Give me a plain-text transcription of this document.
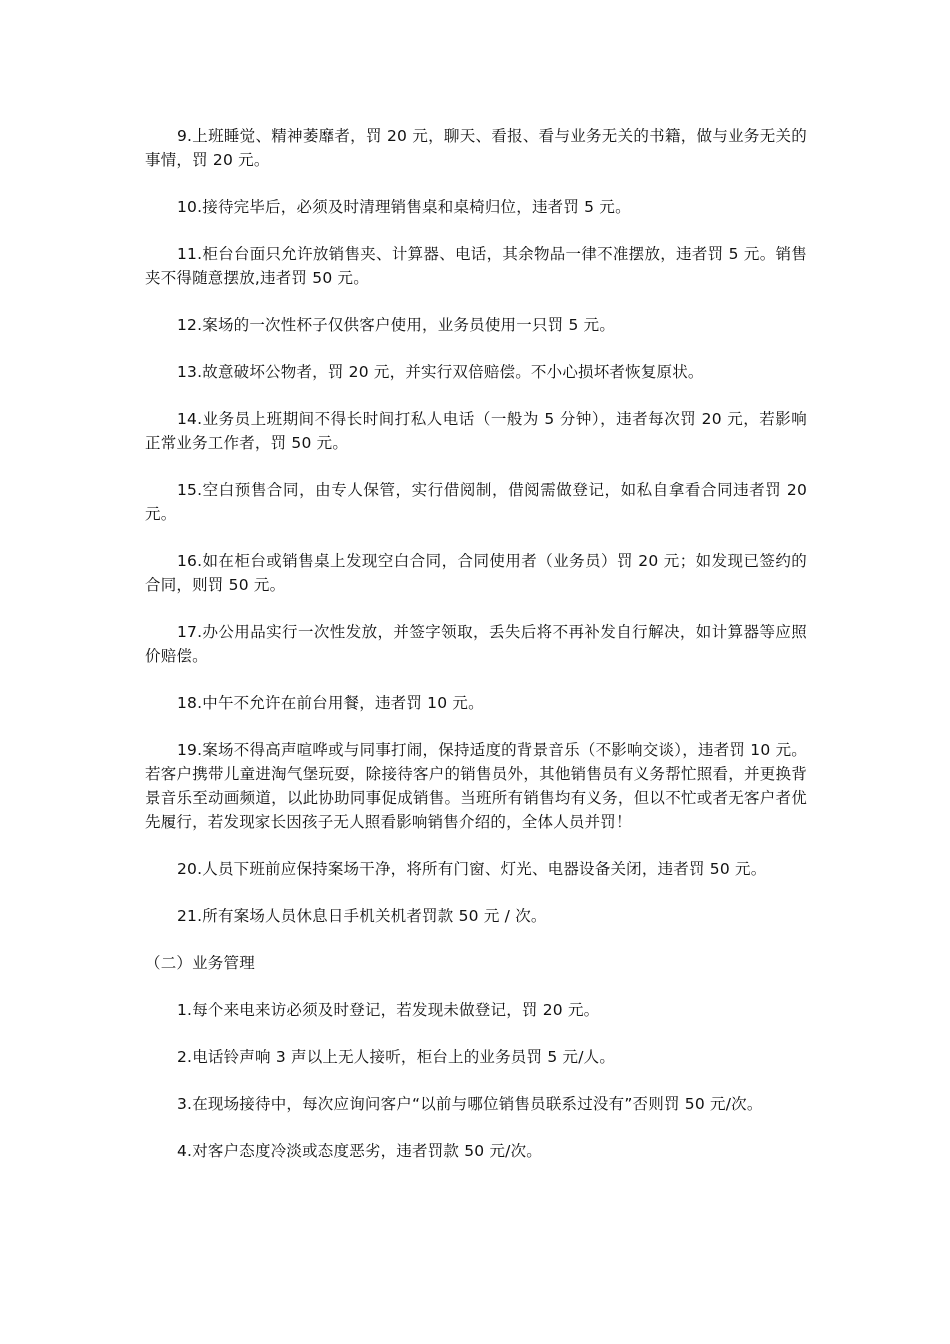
9.上班睡觉、精神萎靡者，罚 20 元，聊天、看报、看与业务无关的书籍，做与业务无关的事情，罚 20 元。

10.接待完毕后，必须及时清理销售桌和桌椅归位，违者罚 5 元。

11.柜台台面只允许放销售夹、计算器、电话，其余物品一律不准摆放，违者罚 5 元。销售夹不得随意摆放,违者罚 50 元。

12.案场的一次性杯子仅供客户使用，业务员使用一只罚 5 元。

13.故意破坏公物者，罚 20 元，并实行双倍赔偿。不小心损坏者恢复原状。

14.业务员上班期间不得长时间打私人电话（一般为 5 分钟），违者每次罚 20 元，若影响正常业务工作者，罚 50 元。

15.空白预售合同，由专人保管，实行借阅制，借阅需做登记，如私自拿看合同违者罚 20 元。

16.如在柜台或销售桌上发现空白合同，合同使用者（业务员）罚 20 元；如发现已签约的合同，则罚 50 元。

17.办公用品实行一次性发放，并签字领取，丢失后将不再补发自行解决，如计算器等应照价赔偿。

18.中午不允许在前台用餐，违者罚 10 元。

19.案场不得高声喧哗或与同事打闹，保持适度的背景音乐（不影响交谈），违者罚 10 元。若客户携带儿童进淘气堡玩耍，除接待客户的销售员外，其他销售员有义务帮忙照看，并更换背景音乐至动画频道，以此协助同事促成销售。当班所有销售均有义务，但以不忙或者无客户者优先履行，若发现家长因孩子无人照看影响销售介绍的，全体人员并罚！

20.人员下班前应保持案场干净，将所有门窗、灯光、电器设备关闭，违者罚 50 元。

21.所有案场人员休息日手机关机者罚款 50 元 / 次。

（二）业务管理

1.每个来电来访必须及时登记，若发现未做登记，罚 20 元。

2.电话铃声响 3 声以上无人接听，柜台上的业务员罚 5 元/人。

3.在现场接待中，每次应询问客户“以前与哪位销售员联系过没有”否则罚 50 元/次。

4.对客户态度冷淡或态度恶劣，违者罚款 50 元/次。
